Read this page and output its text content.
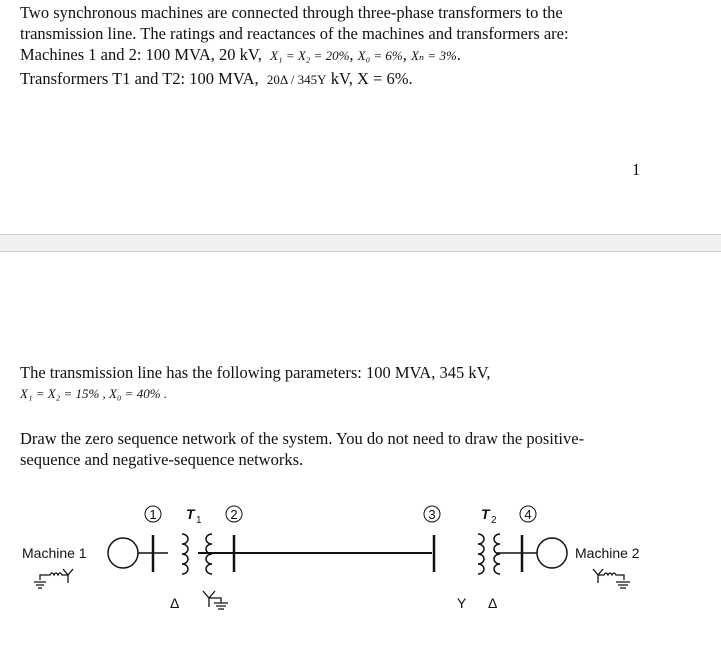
Two synchronous machines are connected through three-phase transformers to the
transmission line. The ratings and reactances of the machines and transformers are:
Machines 1 and 2: 100 MVA, 20 kV, X₁ = X₂ = 20%, X₀ = 6%, Xₙ = 3%.
Transformers T1 and T2: 100 MVA, 20Δ / 345Y kV, X = 6%.
1
The transmission line has the following parameters: 100 MVA, 345 kV,
X₁ = X₂ = 15% , X₀ = 40% .
Draw the zero sequence network of the system. You do not need to draw the positive-
sequence and negative-sequence networks.
Machine 1	Machine 2
1	2	3	4
T 1	T 2
Δ	Y Δ
